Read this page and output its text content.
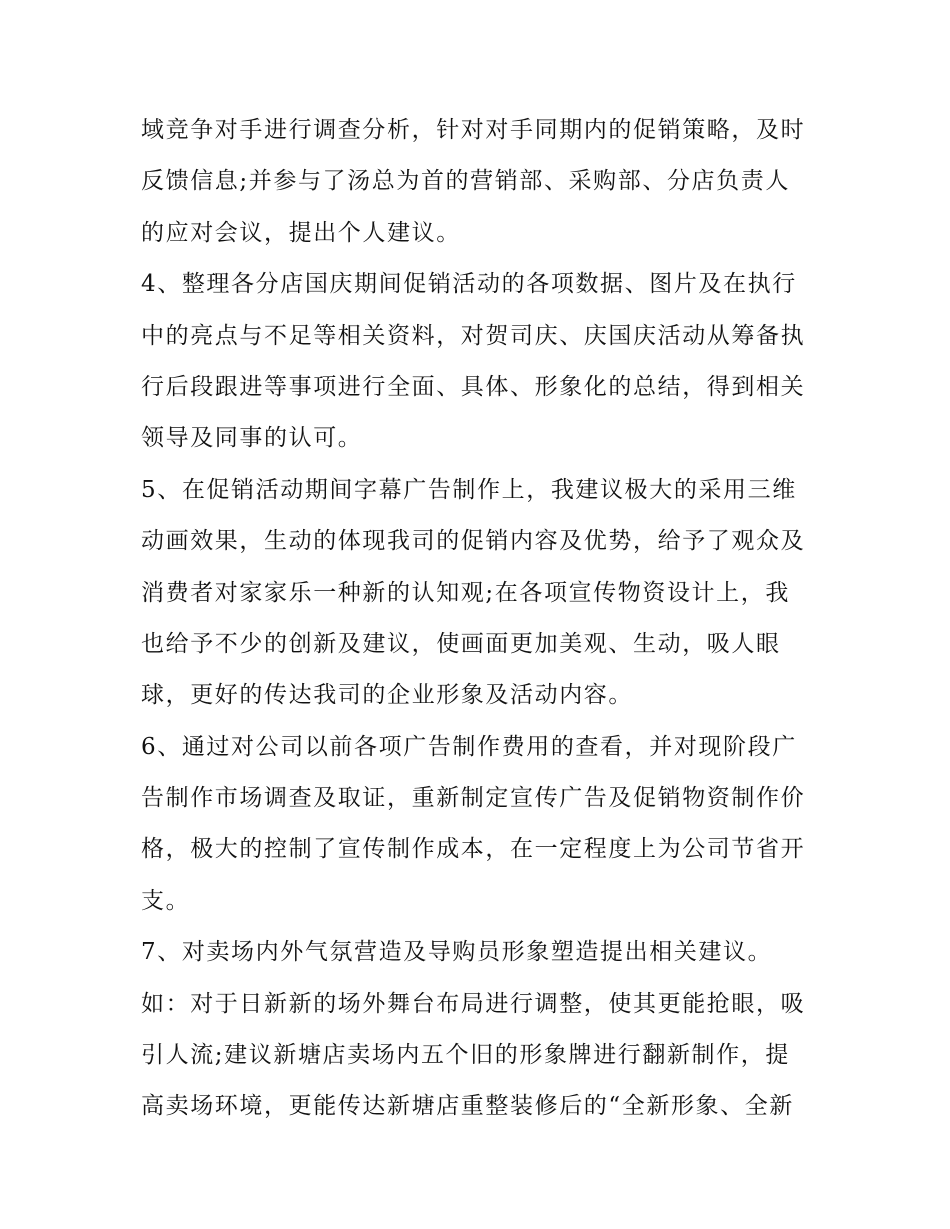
域竞争对手进行调查分析，针对对手同期内的促销策略，及时
反馈信息;并参与了汤总为首的营销部、采购部、分店负责人
的应对会议，提出个人建议。
4、整理各分店国庆期间促销活动的各项数据、图片及在执行
中的亮点与不足等相关资料，对贺司庆、庆国庆活动从筹备执
行后段跟进等事项进行全面、具体、形象化的总结，得到相关
领导及同事的认可。
5、在促销活动期间字幕广告制作上，我建议极大的采用三维
动画效果，生动的体现我司的促销内容及优势，给予了观众及
消费者对家家乐一种新的认知观;在各项宣传物资设计上，我
也给予不少的创新及建议，使画面更加美观、生动，吸人眼
球，更好的传达我司的企业形象及活动内容。
6、通过对公司以前各项广告制作费用的查看，并对现阶段广
告制作市场调查及取证，重新制定宣传广告及促销物资制作价
格，极大的控制了宣传制作成本，在一定程度上为公司节省开
支。
7、对卖场内外气氛营造及导购员形象塑造提出相关建议。
如：对于日新新的场外舞台布局进行调整，使其更能抢眼，吸
引人流;建议新塘店卖场内五个旧的形象牌进行翻新制作，提
高卖场环境，更能传达新塘店重整装修后的“全新形象、全新
